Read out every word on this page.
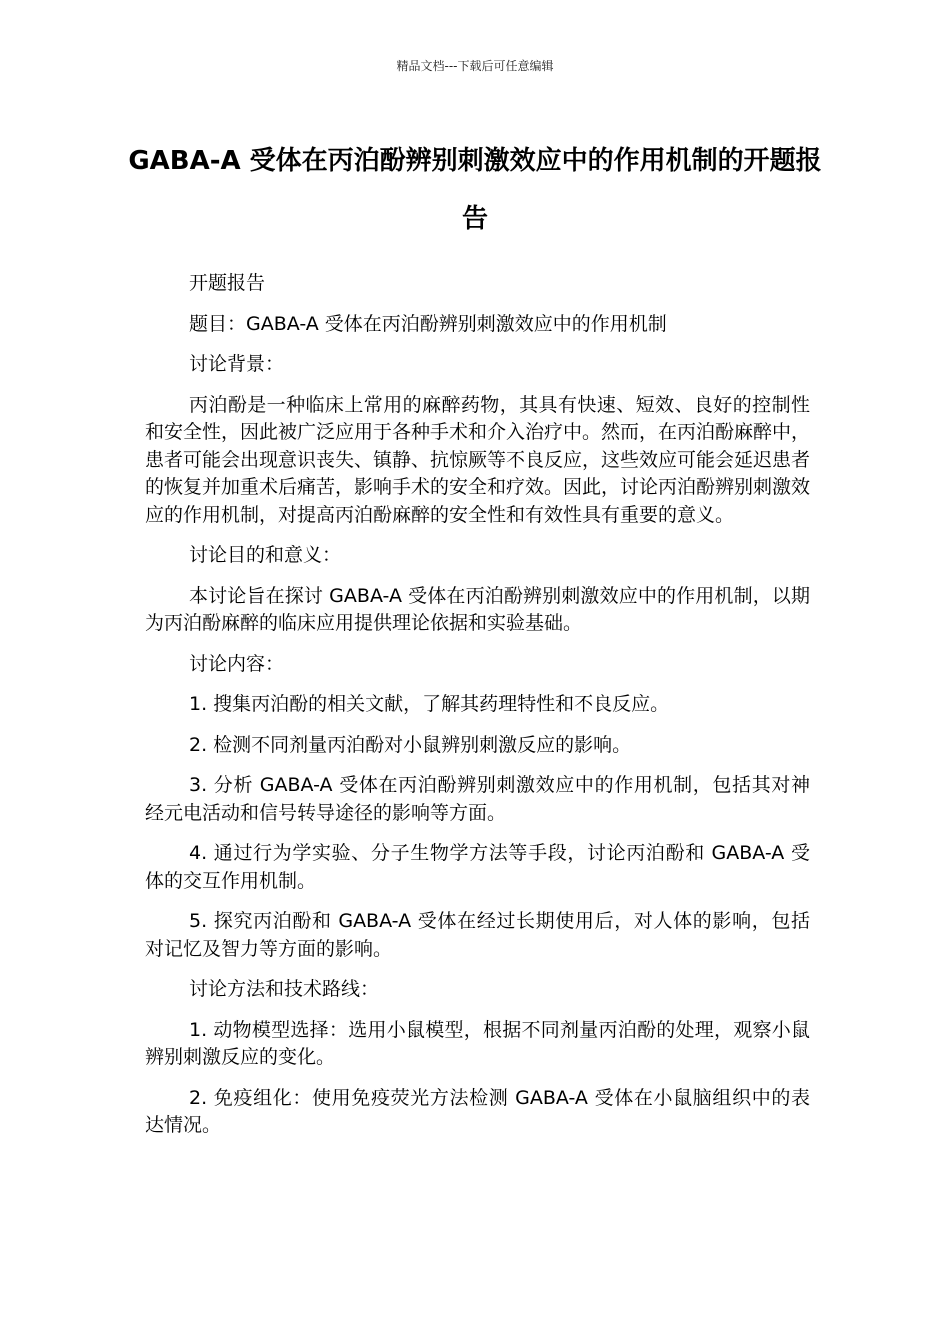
精品文档---下载后可任意编辑
GABA-A 受体在丙泊酚辨别刺激效应中的作用机制的开题报告

开题报告

题目：GABA-A 受体在丙泊酚辨别刺激效应中的作用机制

讨论背景：

丙泊酚是一种临床上常用的麻醉药物，其具有快速、短效、良好的控制性和安全性，因此被广泛应用于各种手术和介入治疗中。然而，在丙泊酚麻醉中，患者可能会出现意识丧失、镇静、抗惊厥等不良反应，这些效应可能会延迟患者的恢复并加重术后痛苦，影响手术的安全和疗效。因此，讨论丙泊酚辨别刺激效应的作用机制，对提高丙泊酚麻醉的安全性和有效性具有重要的意义。

讨论目的和意义：

本讨论旨在探讨 GABA-A 受体在丙泊酚辨别刺激效应中的作用机制，以期为丙泊酚麻醉的临床应用提供理论依据和实验基础。

讨论内容：

1. 搜集丙泊酚的相关文献，了解其药理特性和不良反应。

2. 检测不同剂量丙泊酚对小鼠辨别刺激反应的影响。

3. 分析 GABA-A 受体在丙泊酚辨别刺激效应中的作用机制，包括其对神经元电活动和信号转导途径的影响等方面。

4. 通过行为学实验、分子生物学方法等手段，讨论丙泊酚和 GABA-A 受体的交互作用机制。

5. 探究丙泊酚和 GABA-A 受体在经过长期使用后，对人体的影响，包括对记忆及智力等方面的影响。

讨论方法和技术路线：

1. 动物模型选择：选用小鼠模型，根据不同剂量丙泊酚的处理，观察小鼠辨别刺激反应的变化。

2. 免疫组化：使用免疫荧光方法检测 GABA-A 受体在小鼠脑组织中的表达情况。
